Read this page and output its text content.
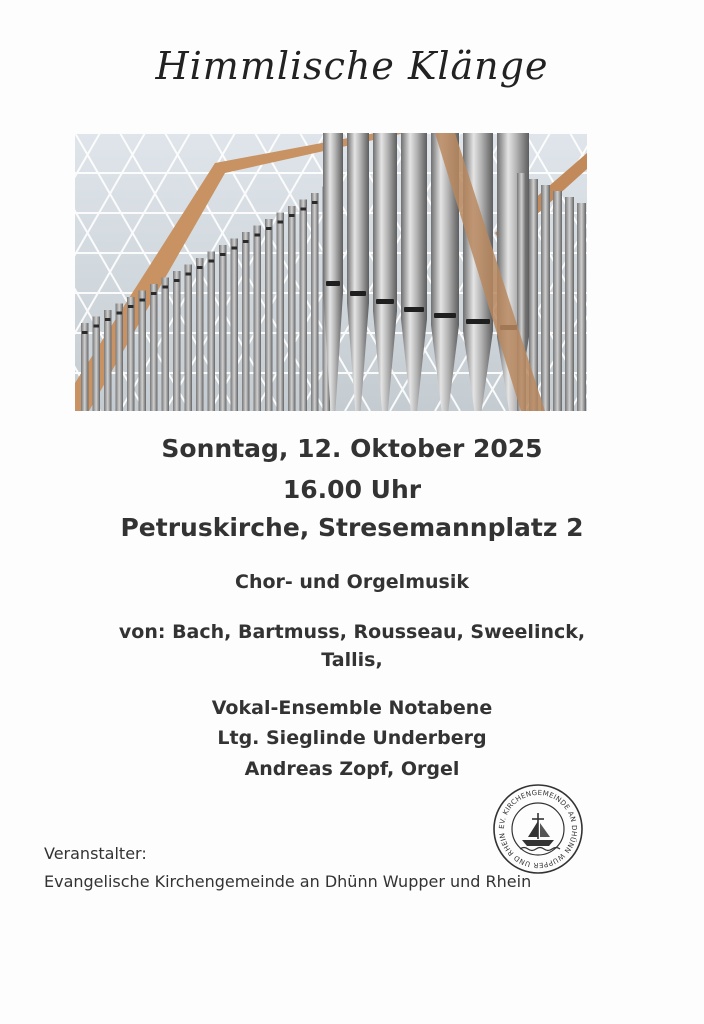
Himmlische Klänge
Sonntag, 12. Oktober 2025
16.00 Uhr
Petruskirche, Stresemannplatz 2
Chor- und Orgelmusik
von: Bach, Bartmuss, Rousseau, Sweelinck,
Tallis,
Vokal-Ensemble Notabene
Ltg. Sieglinde Underberg
Andreas Zopf, Orgel
EV. KIRCHENGEMEINDE AN DHÜNN WUPPER UND RHEIN
Veranstalter:
Evangelische Kirchengemeinde an Dhünn Wupper und Rhein
